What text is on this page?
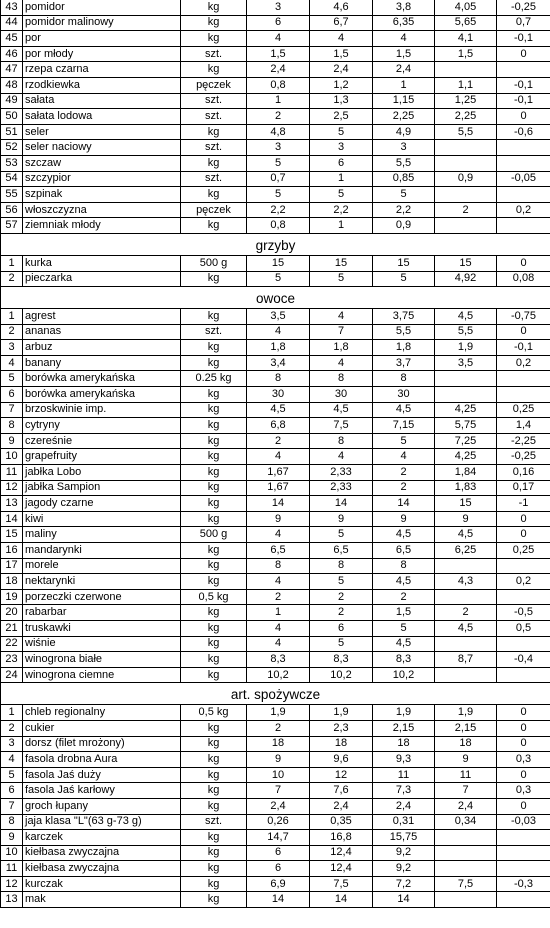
43	pomidor	kg	3	4,6	3,8	4,05	-0,25
44	pomidor malinowy	kg	6	6,7	6,35	5,65	0,7
45	por	kg	4	4	4	4,1	-0,1
46	por młody	szt.	1,5	1,5	1,5	1,5	0
47	rzepa czarna	kg	2,4	2,4	2,4		
48	rzodkiewka	pęczek	0,8	1,2	1	1,1	-0,1
49	sałata	szt.	1	1,3	1,15	1,25	-0,1
50	sałata lodowa	szt.	2	2,5	2,25	2,25	0
51	seler	kg	4,8	5	4,9	5,5	-0,6
52	seler naciowy	szt.	3	3	3		
53	szczaw	kg	5	6	5,5		
54	szczypior	szt.	0,7	1	0,85	0,9	-0,05
55	szpinak	kg	5	5	5		
56	włoszczyzna	pęczek	2,2	2,2	2,2	2	0,2
57	ziemniak młody	kg	0,8	1	0,9		
grzyby							
1	kurka	500 g	15	15	15	15	0
2	pieczarka	kg	5	5	5	4,92	0,08
owoce							
1	agrest	kg	3,5	4	3,75	4,5	-0,75
2	ananas	szt.	4	7	5,5	5,5	0
3	arbuz	kg	1,8	1,8	1,8	1,9	-0,1
4	banany	kg	3,4	4	3,7	3,5	0,2
5	borówka amerykańska	0.25 kg	8	8	8		
6	borówka amerykańska	kg	30	30	30		
7	brzoskwinie imp.	kg	4,5	4,5	4,5	4,25	0,25
8	cytryny	kg	6,8	7,5	7,15	5,75	1,4
9	czereśnie	kg	2	8	5	7,25	-2,25
10	grapefruity	kg	4	4	4	4,25	-0,25
11	jabłka Lobo	kg	1,67	2,33	2	1,84	0,16
12	jabłka Sampion	kg	1,67	2,33	2	1,83	0,17
13	jagody czarne	kg	14	14	14	15	-1
14	kiwi	kg	9	9	9	9	0
15	maliny	500 g	4	5	4,5	4,5	0
16	mandarynki	kg	6,5	6,5	6,5	6,25	0,25
17	morele	kg	8	8	8		
18	nektarynki	kg	4	5	4,5	4,3	0,2
19	porzeczki czerwone	0,5 kg	2	2	2		
20	rabarbar	kg	1	2	1,5	2	-0,5
21	truskawki	kg	4	6	5	4,5	0,5
22	wiśnie	kg	4	5	4,5		
23	winogrona białe	kg	8,3	8,3	8,3	8,7	-0,4
24	winogrona ciemne	kg	10,2	10,2	10,2		
art. spożywcze							
1	chleb regionalny	0,5 kg	1,9	1,9	1,9	1,9	0
2	cukier	kg	2	2,3	2,15	2,15	0
3	dorsz (filet mrożony)	kg	18	18	18	18	0
4	fasola drobna Aura	kg	9	9,6	9,3	9	0,3
5	fasola Jaś duży	kg	10	12	11	11	0
6	fasola Jaś karłowy	kg	7	7,6	7,3	7	0,3
7	groch łupany	kg	2,4	2,4	2,4	2,4	0
8	jaja klasa "L"(63 g-73 g)	szt.	0,26	0,35	0,31	0,34	-0,03
9	karczek	kg	14,7	16,8	15,75		
10	kiełbasa zwyczajna	kg	6	12,4	9,2		
11	kiełbasa zwyczajna	kg	6	12,4	9,2		
12	kurczak	kg	6,9	7,5	7,2	7,5	-0,3
13	mak	kg	14	14	14		
